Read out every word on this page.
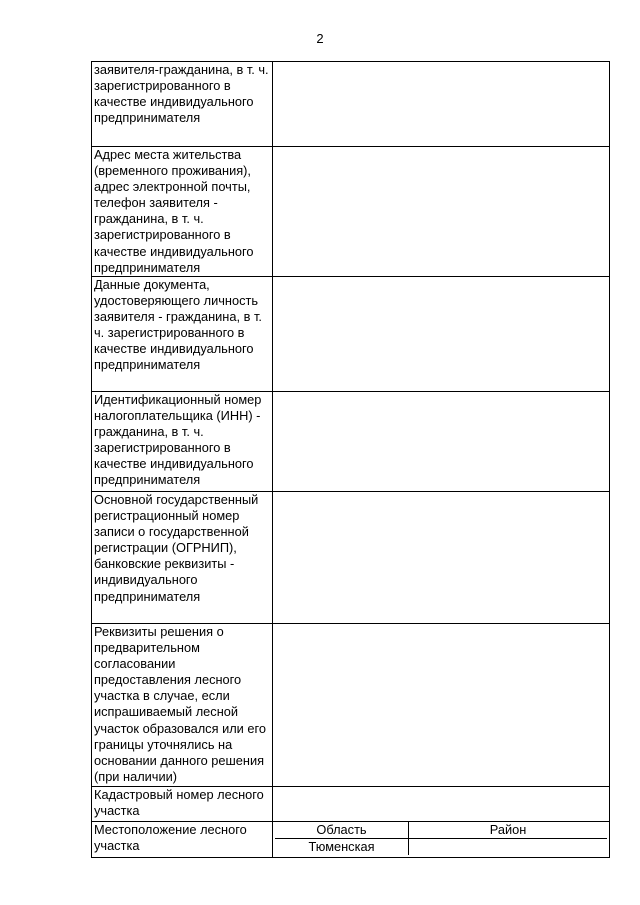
2
заявителя-гражданина, в т. ч. зарегистрированного в качестве индивидуального предпринимателя	
Адрес места жительства (временного проживания), адрес электронной почты, телефон заявителя - гражданина, в т. ч. зарегистрированного в качестве индивидуального предпринимателя	
Данные документа, удостоверяющего личность заявителя - гражданина, в т. ч. зарегистрированного в качестве индивидуального предпринимателя	
Идентификационный номер налогоплательщика (ИНН) - гражданина, в т. ч. зарегистрированного в качестве индивидуального предпринимателя	
Основной государственный регистрационный номер записи о государственной регистрации (ОГРНИП), банковские реквизиты - индивидуального предпринимателя	
Реквизиты решения о предварительном согласовании предоставления лесного участка в случае, если испрашиваемый лесной участок образовался или его границы уточнялись на основании данного решения (при наличии)	
Кадастровый номер лесного участка	
Местоположение лесного участка	
Область	Район
Тюменская	
